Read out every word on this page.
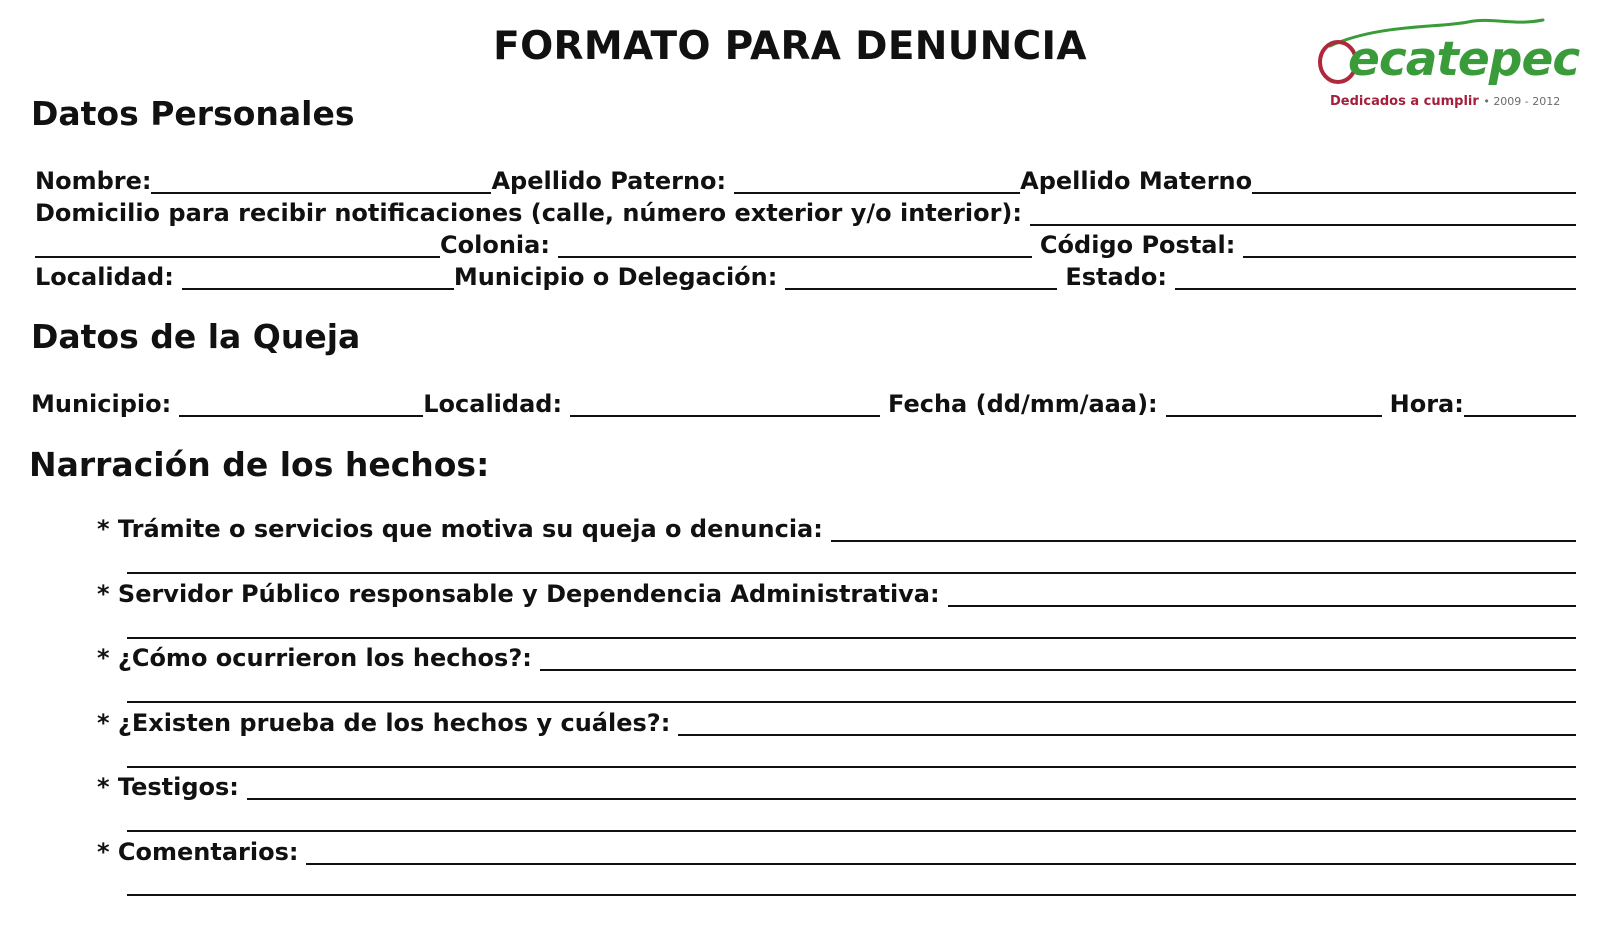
FORMATO PARA DENUNCIA	ecatepec
Dedicados a cumplir • 2009 - 2012
Datos Personales
Nombre:	Apellido Paterno:	Apellido Materno
Domicilio para recibir notificaciones (calle, número exterior y/o interior):
Colonia:	Código Postal:
Localidad:	Municipio o Delegación:	Estado:
Datos de la Queja
Municipio:	Localidad:	Fecha (dd/mm/aaa):	Hora:
Narración de los hechos:
* Trámite o servicios que motiva su queja o denuncia:
* Servidor Público responsable y Dependencia Administrativa:
* ¿Cómo ocurrieron los hechos?:
* ¿Existen prueba de los hechos y cuáles?:
* Testigos:
* Comentarios:
